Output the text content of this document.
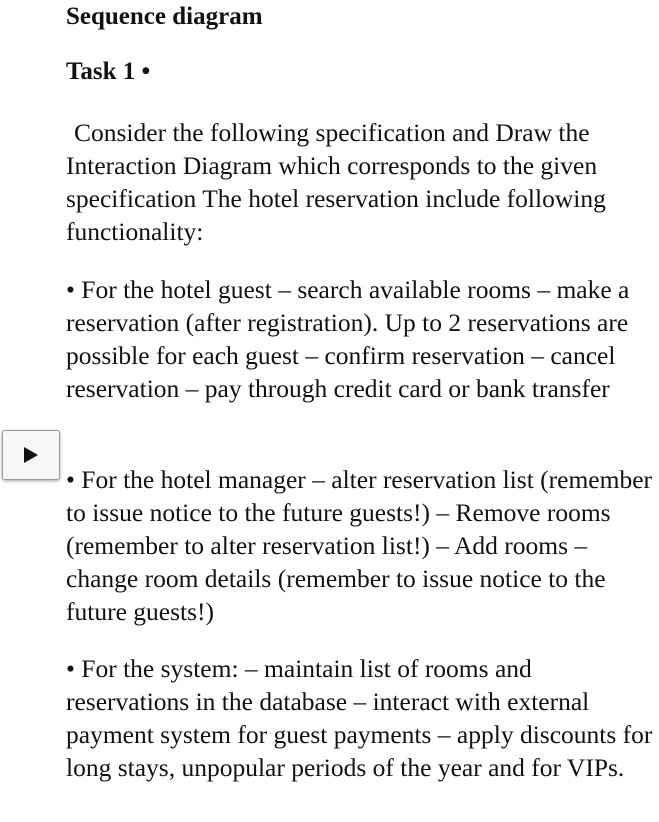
Sequence diagram
Task 1 •

Consider the following specification and Draw the Interaction Diagram which corresponds to the given specification The hotel reservation include following functionality:

• For the hotel guest – search available rooms – make a reservation (after registration). Up to 2 reservations are possible for each guest – confirm reservation – cancel reservation – pay through credit card or bank transfer

• For the hotel manager – alter reservation list (remember to issue notice to the future guests!) – Remove rooms (remember to alter reservation list!) – Add rooms – change room details (remember to issue notice to the future guests!)

• For the system: – maintain list of rooms and reservations in the database – interact with external payment system for guest payments – apply discounts for long stays, unpopular periods of the year and for VIPs.
